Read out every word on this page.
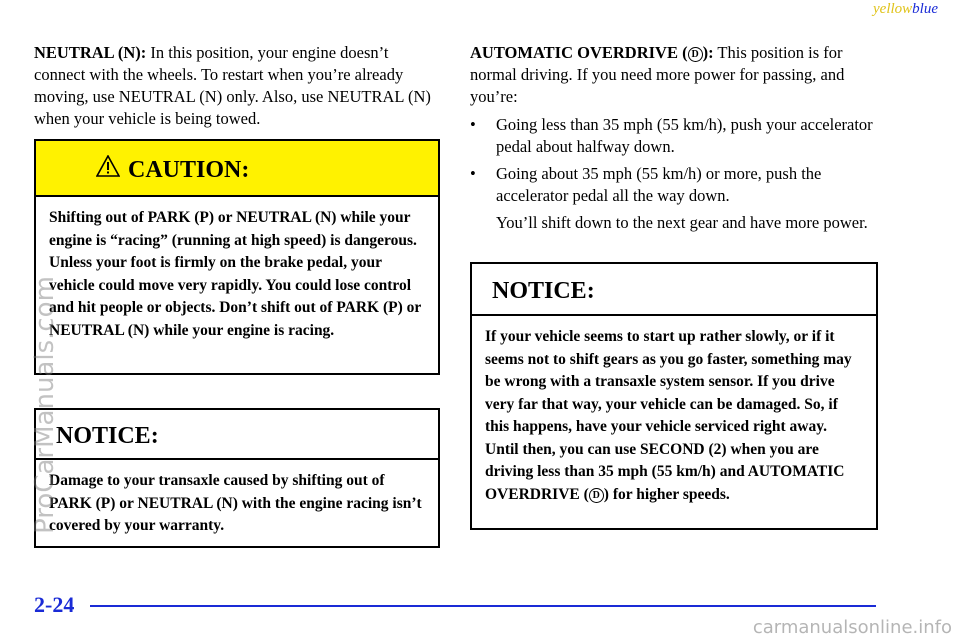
yellowblue

NEUTRAL (N): In this position, your engine doesn’t connect with the wheels. To restart when you’re already moving, use NEUTRAL (N) only. Also, use NEUTRAL (N) when your vehicle is being towed.

CAUTION:
Shifting out of PARK (P) or NEUTRAL (N) while your engine is “racing” (running at high speed) is dangerous. Unless your foot is firmly on the brake pedal, your vehicle could move very rapidly. You could lose control and hit people or objects. Don’t shift out of PARK (P) or NEUTRAL (N) while your engine is racing.
NOTICE:
Damage to your transaxle caused by shifting out of PARK (P) or NEUTRAL (N) with the engine racing isn’t covered by your warranty.

AUTOMATIC OVERDRIVE ( D ): This position is for normal driving. If you need more power for passing, and you’re:

• Going less than 35 mph (55 km/h), push your accelerator pedal about halfway down.
• Going about 35 mph (55 km/h) or more, push the accelerator pedal all the way down.

You’ll shift down to the next gear and have more power.

NOTICE:
If your vehicle seems to start up rather slowly, or if it seems not to shift gears as you go faster, something may be wrong with a transaxle system sensor. If you drive very far that way, your vehicle can be damaged. So, if this happens, have your vehicle serviced right away. Until then, you can use SECOND (2) when you are driving less than 35 mph (55 km/h) and AUTOMATIC OVERDRIVE ( D ) for higher speeds.
2-24
ProCarManuals.com
carmanualsonline.info
